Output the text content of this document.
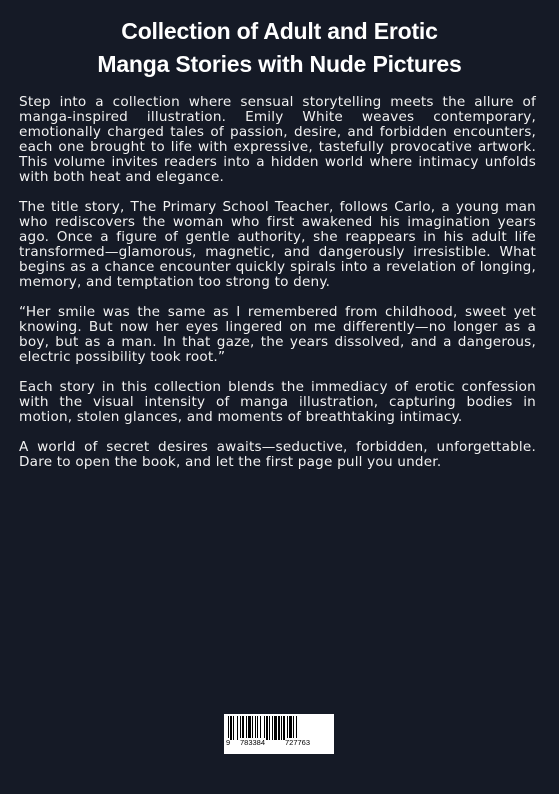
Collection of Adult and Erotic
Manga Stories with Nude Pictures

Step into a collection where sensual storytelling meets the allure of manga-inspired illustration. Emily White weaves contemporary, emotionally charged tales of passion, desire, and forbidden encounters, each one brought to life with expressive, tastefully provocative artwork. This volume invites readers into a hidden world where intimacy unfolds with both heat and elegance.

The title story, The Primary School Teacher, follows Carlo, a young man who rediscovers the woman who first awakened his imagination years ago. Once a figure of gentle authority, she reappears in his adult life transformed—glamorous, magnetic, and dangerously irresistible. What begins as a chance encounter quickly spirals into a revelation of longing, memory, and temptation too strong to deny.

“Her smile was the same as I remembered from childhood, sweet yet knowing. But now her eyes lingered on me differently—no longer as a boy, but as a man. In that gaze, the years dissolved, and a dangerous, electric possibility took root.”

Each story in this collection blends the immediacy of erotic confession with the visual intensity of manga illustration, capturing bodies in motion, stolen glances, and moments of breathtaking intimacy.

A world of secret desires awaits—seductive, forbidden, unforgettable. Dare to open the book, and let the first page pull you under.

9 783384	727763
